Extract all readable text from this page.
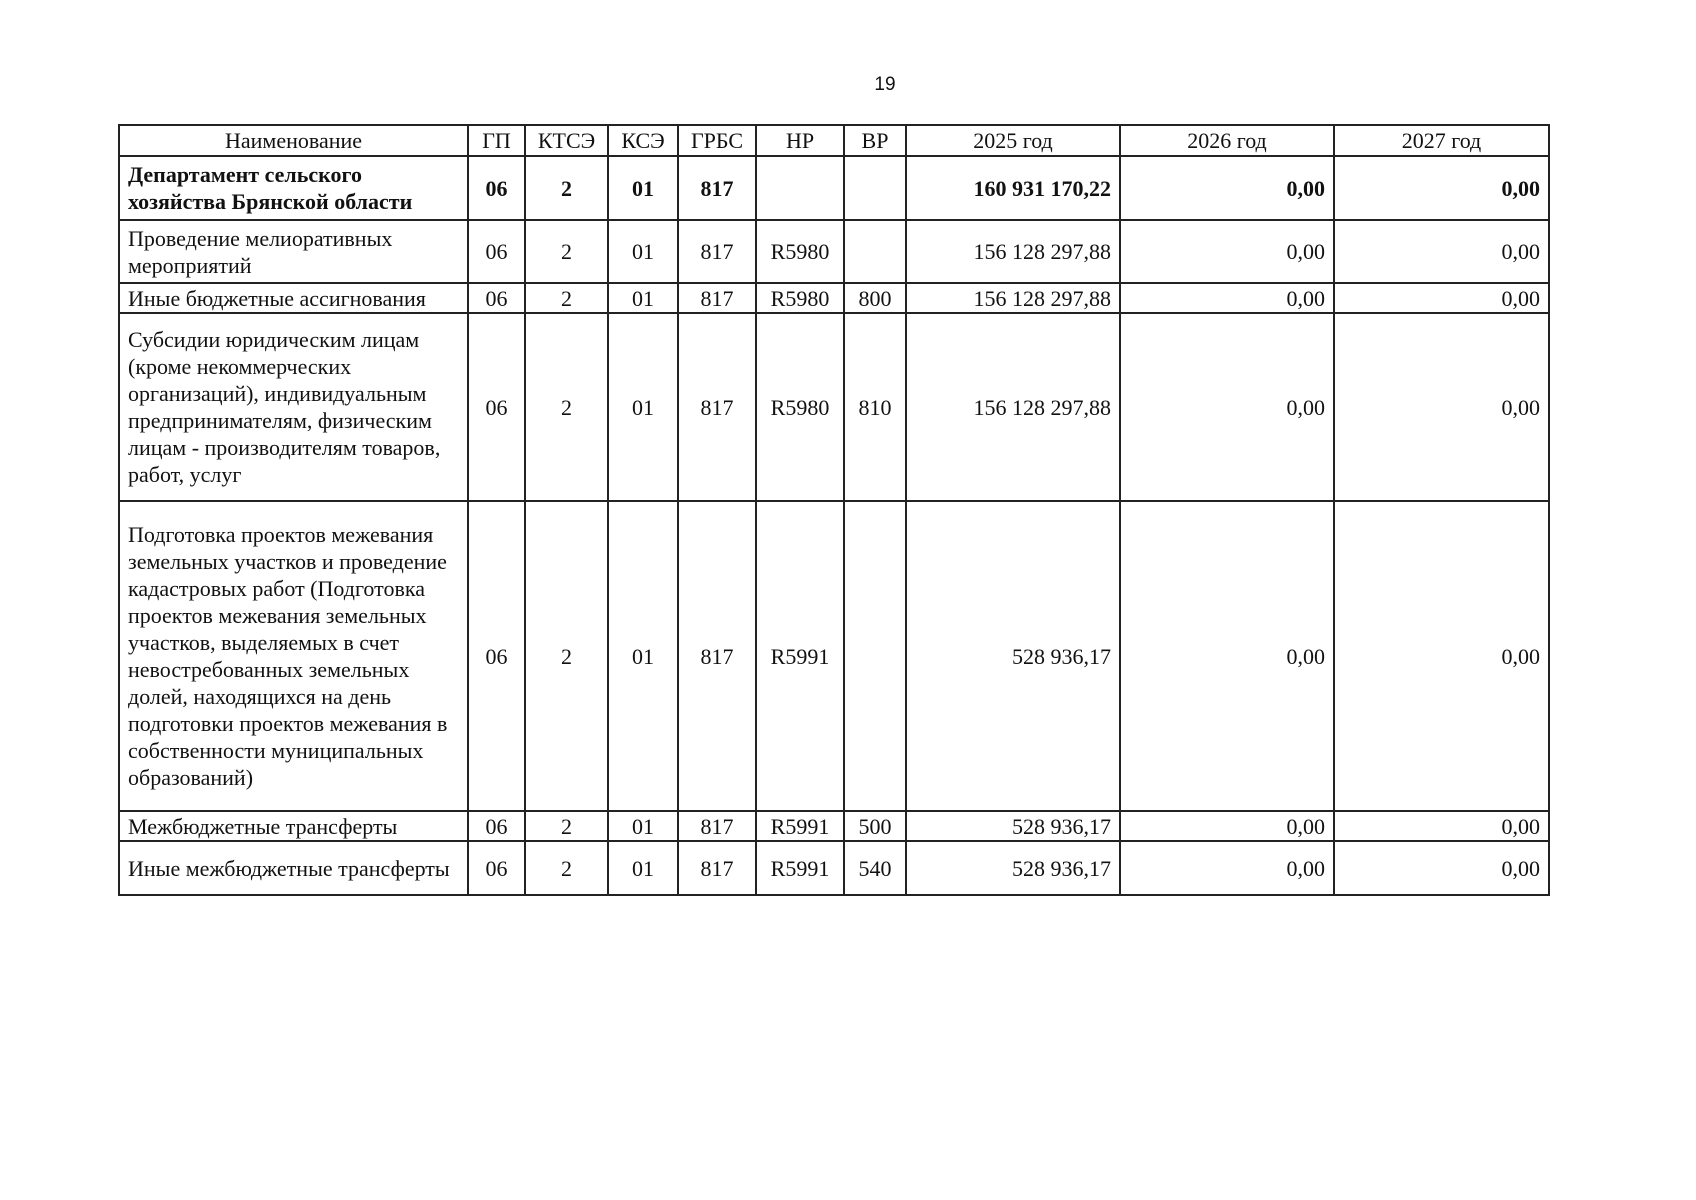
19
Наименование	ГП	КТСЭ	КСЭ	ГРБС	НР	ВР	2025 год	2026 год	2027 год
Департамент сельского хозяйства Брянской области	06	2	01	817			160 931 170,22	0,00	0,00
Проведение мелиоративных мероприятий	06	2	01	817	R5980		156 128 297,88	0,00	0,00
Иные бюджетные ассигнования	06	2	01	817	R5980	800	156 128 297,88	0,00	0,00
Субсидии юридическим лицам (кроме некоммерческих организаций), индивидуальным предпринимателям, физическим лицам - производителям товаров, работ, услуг	06	2	01	817	R5980	810	156 128 297,88	0,00	0,00
Подготовка проектов межевания земельных участков и проведение кадастровых работ (Подготовка проектов межевания земельных участков, выделяемых в счет невостребованных земельных долей, находящихся на день подготовки проектов межевания в собственности муниципальных образований)	06	2	01	817	R5991		528 936,17	0,00	0,00
Межбюджетные трансферты	06	2	01	817	R5991	500	528 936,17	0,00	0,00
Иные межбюджетные трансферты	06	2	01	817	R5991	540	528 936,17	0,00	0,00
